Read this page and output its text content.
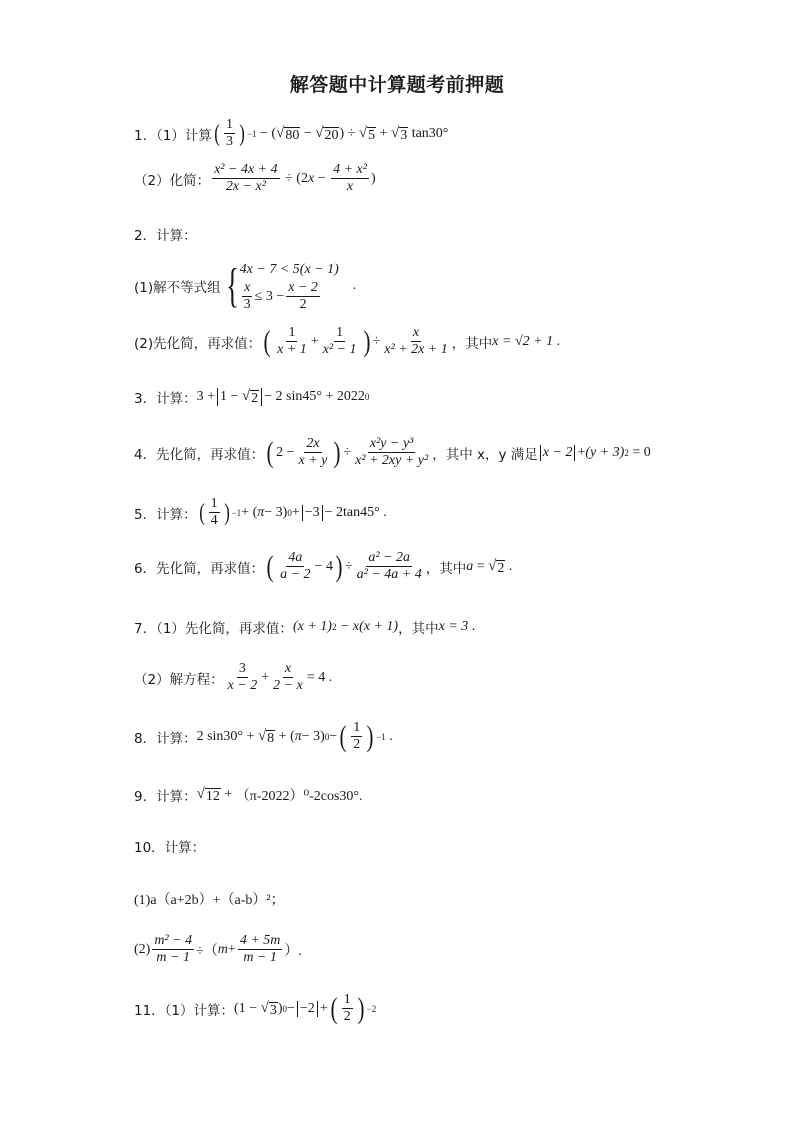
解答题中计算题考前押题
1．（1）计算 ( $\frac{1}{3}$ ) −1 − ( √ 80 − √ 20 ) ÷ √ 5 + √ 3 tan30°
（2）化简： $\frac{\text{x² − 4x + 4}}{\text{2x − x²}} \div (2$ $x - \frac{\text{4 + x²}}{x}$ )
2．计算：
(1)解不等式组 { 4x − 7 < 5(x − 1)
$\frac{x}{3} \le 3 - \frac{x - 2}{2}$ .
(2)先化简，再求值： ( $\frac{1}{x + 1} + \frac{1}{\text{x² − 1}}$ ) ÷ $\frac{x}{\text{x² + 2x + 1}}$ ，其中 x = √2 + 1 .
3．计算： 3 + 1 − √ 2 − 2 sin45° + 2022 0
4．先化简，再求值： ( $2 - \frac{2x}{x + y}$ ) ÷ $\frac{\text{x²y − y³}}{\text{x² + 2xy + y²}}$ ，其中 x，y 满足 x − 2 + (y + 3) 2 = 0
5．计算： ( $\frac{1}{4}$ ) −1 + ( π − 3) 0 + −3 − 2tan45° .
6．先化简，再求值： ( $\frac{4a}{a - 2} - 4$ ) ÷ $\frac{\text{a² − 2a}}{\text{a² − 4a + 4}}$ ，其中 a = √ 2 .
7．（1）先化简，再求值： (x + 1) 2 − x(x + 1) ，其中 x = 3 .
（2）解方程： $\frac{3}{x - 2} + \frac{x}{2 - x} = 4$ .
8．计算： 2 sin30° + √ 8 + ( π − 3) 0 − ( $\frac{1}{2}$ ) −1 .
9．计算： √ 12 + （π-2022）⁰-2cos30°.
10．计算：
(1)a（a+2b）+（a-b）²；
$(2) \frac{\text{m² − 4}}{m - 1}$ ÷（ $m + \frac{4 + 5m}{m - 1}$ ）.
11．（1）计算： (1 − √ 3 ) 0 − −2 + ( $\frac{1}{2}$ ) −2
